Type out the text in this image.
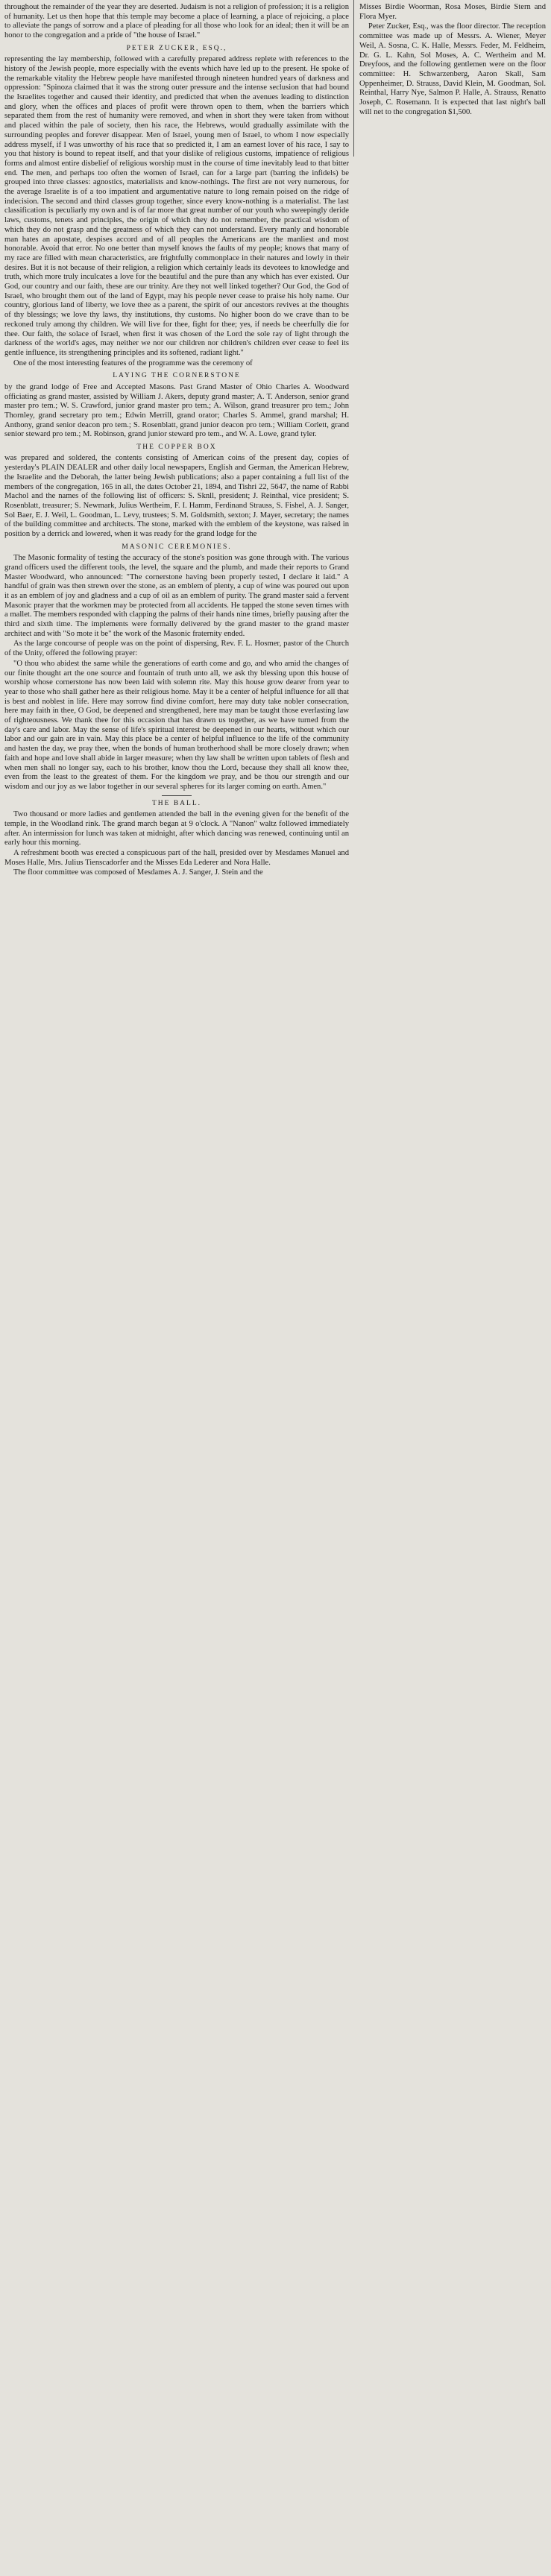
throughout the remainder of the year they are deserted. Judaism is not a religion of profession; it is a religion of humanity. Let us then hope that this temple may become a place of learning, a place of rejoicing, a place to alleviate the pangs of sorrow and a place of pleading for all those who look for an ideal; then it will be an honor to the congregation and a pride of "the house of Israel."

PETER ZUCKER, ESQ.,

representing the lay membership, followed with a carefully prepared address replete with references to the history of the Jewish people, more especially with the events which have led up to the present. He spoke of the remarkable vitality the Hebrew people have manifested through nineteen hundred years of darkness and oppression: "Spinoza claimed that it was the strong outer pressure and the intense seclusion that had bound the Israelites together and caused their identity, and predicted that when the avenues leading to distinction and glory, when the offices and places of profit were thrown open to them, when the barriers which separated them from the rest of humanity were removed, and when in short they were taken from without and placed within the pale of society, then his race, the Hebrews, would gradually assimilate with the surrounding peoples and forever disappear. Men of Israel, young men of Israel, to whom I now especially address myself, if I was unworthy of his race that so predicted it, I am an earnest lover of his race, I say to you that history is bound to repeat itself, and that your dislike of religious customs, impatience of religious forms and almost entire disbelief of religious worship must in the course of time inevitably lead to that bitter end. The men, and perhaps too often the women of Israel, can for a large part (barring the infidels) be grouped into three classes: agnostics, materialists and know-nothings. The first are not very numerous, for the average Israelite is of a too impatient and argumentative nature to long remain poised on the ridge of indecision. The second and third classes group together, since every know-nothing is a materialist. The last classification is peculiarly my own and is of far more that great number of our youth who sweepingly deride laws, customs, tenets and principles, the origin of which they do not remember, the practical wisdom of which they do not grasp and the greatness of which they can not understand. Every manly and honorable man hates an apostate, despises accord and of all peoples the Americans are the manliest and most honorable. Avoid that error. No one better than myself knows the faults of my people; knows that many of my race are filled with mean characteristics, are frightfully commonplace in their natures and lowly in their desires. But it is not because of their religion, a religion which certainly leads its devotees to knowledge and truth, which more truly inculcates a love for the beautiful and the pure than any which has ever existed. Our God, our country and our faith, these are our trinity. Are they not well linked together? Our God, the God of Israel, who brought them out of the land of Egypt, may his people never cease to praise his holy name. Our country, glorious land of liberty, we love thee as a parent, the spirit of our ancestors revives at the thoughts of thy blessings; we love thy laws, thy institutions, thy customs. No higher boon do we crave than to be reckoned truly among thy children. We will live for thee, fight for thee; yes, if needs be cheerfully die for thee. Our faith, the solace of Israel, when first it was chosen of the Lord the sole ray of light through the darkness of the world's ages, may neither we nor our children nor children's children ever cease to feel its gentle influence, its strengthening principles and its softened, radiant light."

One of the most interesting features of the programme was the ceremony of

LAYING THE CORNERSTONE

by the grand lodge of Free and Accepted Masons. Past Grand Master of Ohio Charles A. Woodward officiating as grand master, assisted by William J. Akers, deputy grand master; A. T. Anderson, senior grand master pro tem.; W. S. Crawford, junior grand master pro tem.; A. Wilson, grand treasurer pro tem.; John Thornley, grand secretary pro tem.; Edwin Merrill, grand orator; Charles S. Ammel, grand marshal; H. Anthony, grand senior deacon pro tem.; S. Rosenblatt, grand junior deacon pro tem.; William Corlett, grand senior steward pro tem.; M. Robinson, grand junior steward pro tem., and W. A. Lowe, grand tyler.

THE COPPER BOX

was prepared and soldered, the contents consisting of American coins of the present day, copies of yesterday's PLAIN DEALER and other daily local newspapers, English and German, the American Hebrew, the Israelite and the Deborah, the latter being Jewish publications; also a paper containing a full list of the members of the congregation, 165 in all, the dates October 21, 1894, and Tishri 22, 5647, the name of Rabbi Machol and the names of the following list of officers: S. Sknll, president; J. Reinthal, vice president; S. Rosenblatt, treasurer; S. Newmark, Julius Wertheim, F. I. Hamm, Ferdinand Strauss, S. Fishel, A. J. Sanger, Sol Baer, E. J. Weil, L. Goodman, L. Levy, trustees; S. M. Goldsmith, sexton; J. Mayer, secretary; the names of the building committee and architects. The stone, marked with the emblem of the keystone, was raised in position by a derrick and lowered, when it was ready for the grand lodge for the

MASONIC CEREMONIES.

The Masonic formality of testing the accuracy of the stone's position was gone through with. The various grand officers used the different tools, the level, the square and the plumb, and made their reports to Grand Master Woodward, who announced: "The cornerstone having been properly tested, I declare it laid." A handful of grain was then strewn over the stone, as an emblem of plenty, a cup of wine was poured out upon it as an emblem of joy and gladness and a cup of oil as an emblem of purity. The grand master said a fervent Masonic prayer that the workmen may be protected from all accidents. He tapped the stone seven times with a mallet. The members responded with clapping the palms of their hands nine times, briefly pausing after the third and sixth time. The implements were formally delivered by the grand master to the grand master architect and with "So mote it be" the work of the Masonic fraternity ended.

As the large concourse of people was on the point of dispersing, Rev. F. L. Hosmer, pastor of the Church of the Unity, offered the following prayer:

"O thou who abidest the same while the generations of earth come and go, and who amid the changes of our finite thought art the one source and fountain of truth unto all, we ask thy blessing upon this house of worship whose cornerstone has now been laid with solemn rite. May this house grow dearer from year to year to those who shall gather here as their religious home. May it be a center of helpful influence for all that is best and noblest in life. Here may sorrow find divine comfort, here may duty take nobler consecration, here may faith in thee, O God, be deepened and strengthened, here may man be taught those everlasting law of righteousness. We thank thee for this occasion that has drawn us together, as we have turned from the day's care and labor. May the sense of life's spiritual interest be deepened in our hearts, without which our labor and our gain are in vain. May this place be a center of helpful influence to the life of the community and hasten the day, we pray thee, when the bonds of human brotherhood shall be more closely drawn; when faith and hope and love shall abide in larger measure; when thy law shall be written upon tablets of flesh and when men shall no longer say, each to his brother, know thou the Lord, because they shall all know thee, even from the least to the greatest of them. For the kingdom we pray, and be thou our strength and our wisdom and our joy as we labor together in our several spheres for its larger coming on earth. Amen."

THE BALL.

Two thousand or more ladies and gentlemen attended the ball in the evening given for the benefit of the temple, in the Woodland rink. The grand march began at 9 o'clock. A "Nanon" waltz followed immediately after. An intermission for lunch was taken at midnight, after which dancing was renewed, continuing until an early hour this morning.

A refreshment booth was erected a conspicuous part of the hall, presided over by Mesdames Manuel and Moses Halle, Mrs. Julius Tienscadorfer and the Misses Eda Lederer and Nora Halle.

The floor committee was composed of Mesdames A. J. Sanger, J. Stein and the

Misses Birdie Woorman, Rosa Moses, Birdie Stern and Flora Myer.

Peter Zucker, Esq., was the floor director. The reception committee was made up of Messrs. A. Wiener, Meyer Weil, A. Sosna, C. K. Halle, Messrs. Feder, M. Feldheim, Dr. G. L. Kahn, Sol Moses, A. C. Wertheim and M. Dreyfoos, and the following gentlemen were on the floor committee: H. Schwarzenberg, Aaron Skall, Sam Oppenheimer, D. Strauss, David Klein, M. Goodman, Sol. Reinthal, Harry Nye, Salmon P. Halle, A. Strauss, Renatto Joseph, C. Rosemann. It is expected that last night's ball will net to the congregation $1,500.
